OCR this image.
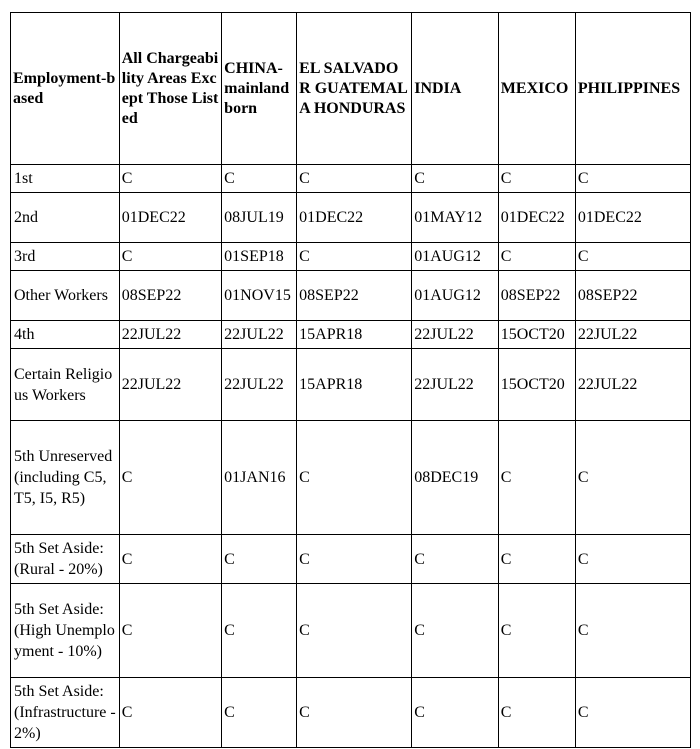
Employment-based	All Chargeability Areas Except Those Listed	CHINA-mainland born	EL SALVADOR GUATEMALA HONDURAS	INDIA	MEXICO	PHILIPPINES
1st	C	C	C	C	C	C
2nd	01DEC22	08JUL19	01DEC22	01MAY12	01DEC22	01DEC22
3rd	C	01SEP18	C	01AUG12	C	C
Other Workers	08SEP22	01NOV15	08SEP22	01AUG12	08SEP22	08SEP22
4th	22JUL22	22JUL22	15APR18	22JUL22	15OCT20	22JUL22
Certain Religious Workers	22JUL22	22JUL22	15APR18	22JUL22	15OCT20	22JUL22
5th Unreserved (including C5, T5, I5, R5)	C	01JAN16	C	08DEC19	C	C
5th Set Aside: (Rural - 20%)	C	C	C	C	C	C
5th Set Aside: (High Unemployment - 10%)	C	C	C	C	C	C
5th Set Aside: (Infrastructure - 2%)	C	C	C	C	C	C
